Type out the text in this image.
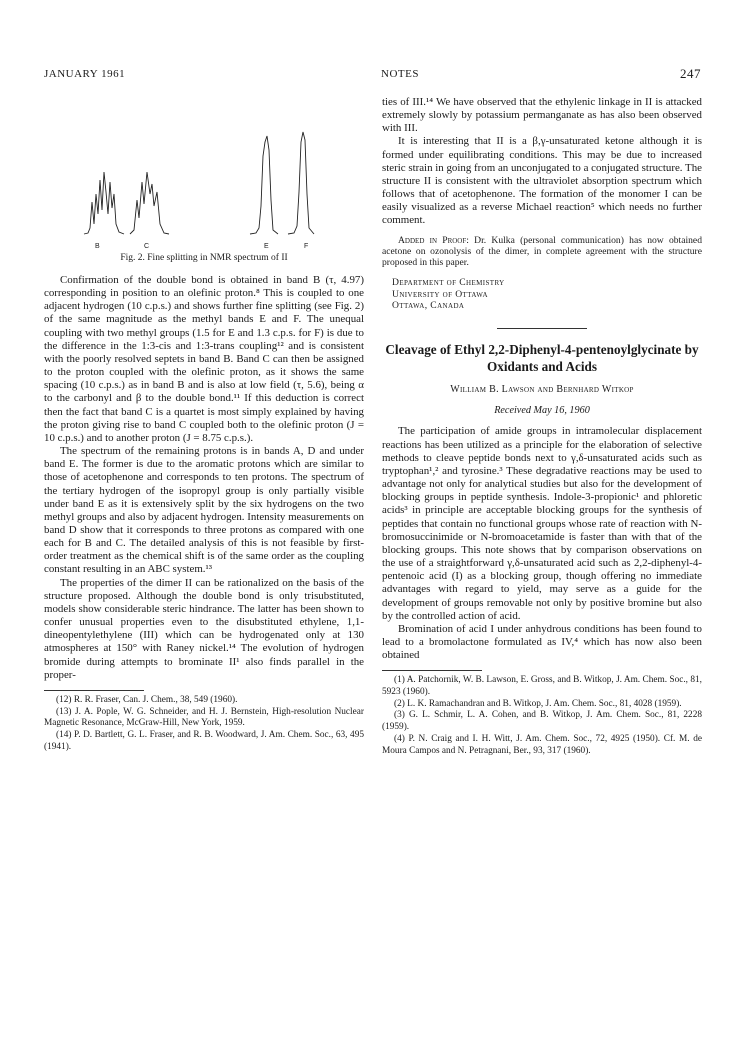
JANUARY 1961	NOTES	247
B	C	E	F
Fig. 2. Fine splitting in NMR spectrum of II

Confirmation of the double bond is obtained in band B (τ, 4.97) corresponding in position to an olefinic proton.⁸ This is coupled to one adjacent hydrogen (10 c.p.s.) and shows further fine splitting (see Fig. 2) of the same magnitude as the methyl bands E and F. The unequal coupling with two methyl groups (1.5 for E and 1.3 c.p.s. for F) is due to the difference in the 1:3-cis and 1:3-trans coupling¹² and is consistent with the poorly resolved septets in band B. Band C can then be assigned to the proton coupled with the olefinic proton, as it shows the same spacing (10 c.p.s.) as in band B and is also at low field (τ, 5.6), being α to the carbonyl and β to the double bond.¹¹ If this deduction is correct then the fact that band C is a quartet is most simply explained by having the proton giving rise to band C coupled both to the olefinic proton (J = 10 c.p.s.) and to another proton (J = 8.75 c.p.s.).

The spectrum of the remaining protons is in bands A, D and under band E. The former is due to the aromatic protons which are similar to those of acetophenone and corresponds to ten protons. The spectrum of the tertiary hydrogen of the isopropyl group is only partially visible under band E as it is extensively split by the six hydrogens on the two methyl groups and also by adjacent hydrogen. Intensity measurements on band D show that it corresponds to three protons as compared with one each for B and C. The detailed analysis of this is not feasible by first-order treatment as the chemical shift is of the same order as the coupling constant resulting in an ABC system.¹³

The properties of the dimer II can be rationalized on the basis of the structure proposed. Although the double bond is only trisubstituted, models show considerable steric hindrance. The latter has been shown to confer unusual properties even to the disubstituted ethylene, 1,1-dineopentylethylene (III) which can be hydrogenated only at 130 atmospheres at 150° with Raney nickel.¹⁴ The evolution of hydrogen bromide during attempts to brominate II¹ also finds parallel in the proper-

(12) R. R. Fraser, Can. J. Chem., 38, 549 (1960).

(13) J. A. Pople, W. G. Schneider, and H. J. Bernstein, High-resolution Nuclear Magnetic Resonance, McGraw-Hill, New York, 1959.

(14) P. D. Bartlett, G. L. Fraser, and R. B. Woodward, J. Am. Chem. Soc., 63, 495 (1941).

ties of III.¹⁴ We have observed that the ethylenic linkage in II is attacked extremely slowly by potassium permanganate as has also been observed with III.

It is interesting that II is a β,γ-unsaturated ketone although it is formed under equilibrating conditions. This may be due to increased steric strain in going from an unconjugated to a conjugated structure. The structure II is consistent with the ultraviolet absorption spectrum which follows that of acetophenone. The formation of the monomer I can be easily visualized as a reverse Michael reaction⁵ which needs no further comment.

Added in Proof: Dr. Kulka (personal communication) has now obtained acetone on ozonolysis of the dimer, in complete agreement with the structure proposed in this paper.

Department of Chemistry
University of Ottawa
Ottawa, Canada
Cleavage of Ethyl 2,2-Diphenyl-4-pentenoylglycinate by Oxidants and Acids
William B. Lawson and Bernhard Witkop
Received May 16, 1960

The participation of amide groups in intramolecular displacement reactions has been utilized as a principle for the elaboration of selective methods to cleave peptide bonds next to γ,δ-unsaturated acids such as tryptophan¹,² and tyrosine.³ These degradative reactions may be used to advantage not only for analytical studies but also for the development of blocking groups in peptide synthesis. Indole-3-propionic¹ and phloretic acids³ in principle are acceptable blocking groups for the synthesis of peptides that contain no functional groups whose rate of reaction with N-bromosuccinimide or N-bromoacetamide is faster than with that of the blocking groups. This note shows that by comparison observations on the use of a straightforward γ,δ-unsaturated acid such as 2,2-diphenyl-4-pentenoic acid (I) as a blocking group, though offering no immediate advantages with regard to yield, may serve as a guide for the development of groups removable not only by positive bromine but also by the controlled action of acid.

Bromination of acid I under anhydrous conditions has been found to lead to a bromolactone formulated as IV,⁴ which has now also been obtained

(1) A. Patchornik, W. B. Lawson, E. Gross, and B. Witkop, J. Am. Chem. Soc., 81, 5923 (1960).

(2) L. K. Ramachandran and B. Witkop, J. Am. Chem. Soc., 81, 4028 (1959).

(3) G. L. Schmir, L. A. Cohen, and B. Witkop, J. Am. Chem. Soc., 81, 2228 (1959).

(4) P. N. Craig and I. H. Witt, J. Am. Chem. Soc., 72, 4925 (1950). Cf. M. de Moura Campos and N. Petragnani, Ber., 93, 317 (1960).
